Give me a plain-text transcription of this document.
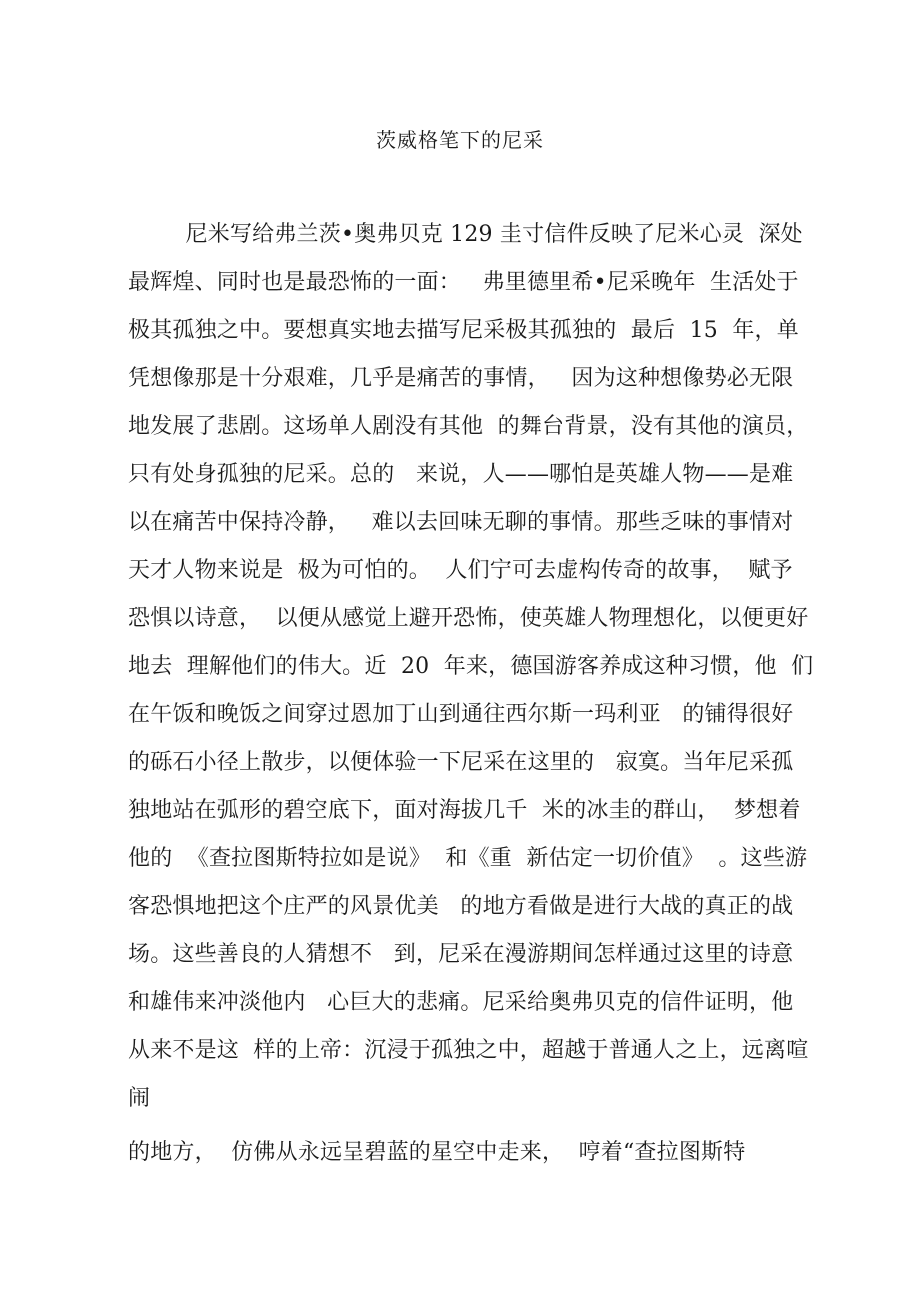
茨威格笔下的尼采
尼米写给弗兰茨•奥弗贝克 129 圭寸信件反映了尼米心灵  深处
最辉煌、同时也是最恐怖的一面：   弗里德里希•尼采晚年  生活处于
极其孤独之中。要想真实地去描写尼采极其孤独的  最后  15  年，单
凭想像那是十分艰难，几乎是痛苦的事情，   因为这种想像势必无限
地发展了悲剧。这场单人剧没有其他  的舞台背景，没有其他的演员，
只有处身孤独的尼采。总的   来说，人——哪怕是英雄人物——是难
以在痛苦中保持冷静，   难以去回味无聊的事情。那些乏味的事情对
天才人物来说是  极为可怕的。  人们宁可去虚构传奇的故事，  赋予
恐惧以诗意，  以便从感觉上避开恐怖，使英雄人物理想化，以便更好
地去  理解他们的伟大。近  20  年来，德国游客养成这种习惯，他  们
在午饭和晚饭之间穿过恩加丁山到通往西尔斯一玛利亚   的铺得很好
的砾石小径上散步，以便体验一下尼采在这里的   寂寞。当年尼采孤
独地站在弧形的碧空底下，面对海拔几千  米的冰圭的群山，  梦想着
他的  《查拉图斯特拉如是说》  和《重  新估定一切价值》  。这些游
客恐惧地把这个庄严的风景优美   的地方看做是进行大战的真正的战
场。这些善良的人猜想不   到，尼采在漫游期间怎样通过这里的诗意
和雄伟来冲淡他内   心巨大的悲痛。尼采给奥弗贝克的信件证明，他
从来不是这  样的上帝：沉浸于孤独之中，超越于普通人之上，远离喧
闹
的地方，  仿佛从永远呈碧蓝的星空中走来，  哼着“查拉图斯特
